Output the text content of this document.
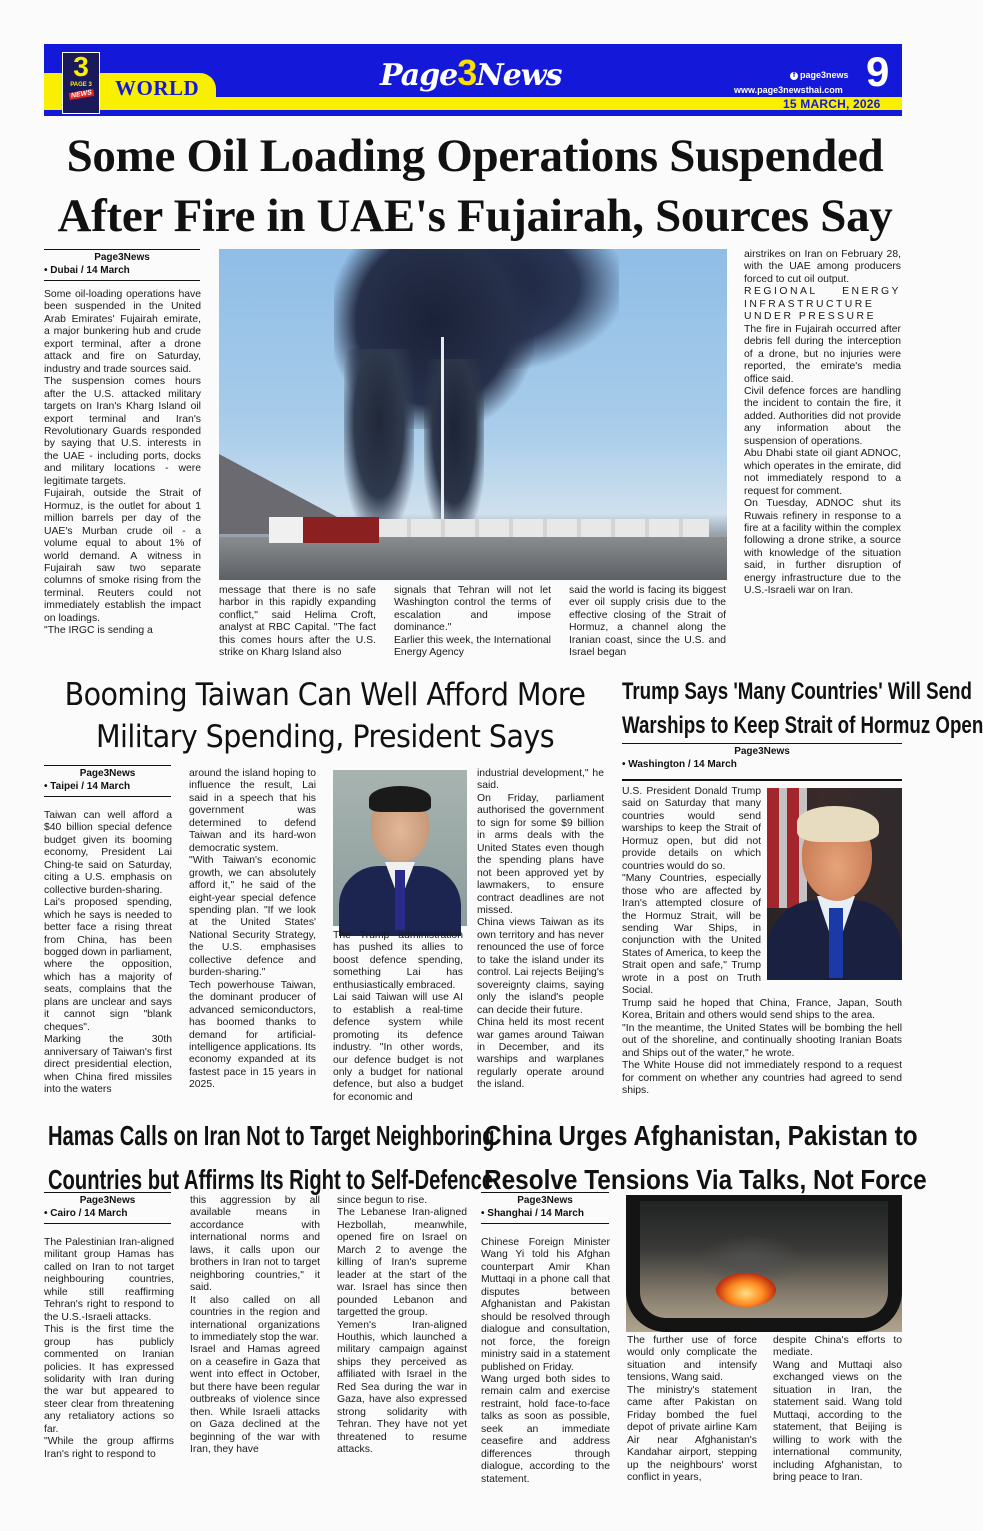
3
PAGE 3
NEWS WORLD	Page3News	f page3news
www.page3newsthai.com 9
15 MARCH, 2026
Some Oil Loading Operations Suspended
After Fire in UAE's Fujairah, Sources Say
Page3News
• Dubai / 14 March

Some oil-loading operations have been suspended in the United Arab Emirates' Fujairah emirate, a major bunkering hub and crude export terminal, after a drone attack and fire on Saturday, industry and trade sources said.

The suspension comes hours after the U.S. attacked military targets on Iran's Kharg Island oil export terminal and Iran's Revolutionary Guards responded by saying that U.S. interests in the UAE - including ports, docks and military locations - were legitimate targets.

Fujairah, outside the Strait of Hormuz, is the outlet for about 1 million barrels per day of the UAE's Murban crude oil - a volume equal to about 1% of world demand. A witness in Fujairah saw two separate columns of smoke rising from the terminal. Reuters could not immediately establish the impact on loadings.

"The IRGC is sending a

message that there is no safe harbor in this rapidly expanding conflict," said Helima Croft, analyst at RBC Capital. "The fact this comes hours after the U.S. strike on Kharg Island also

signals that Tehran will not let Washington control the terms of escalation and impose dominance."

Earlier this week, the International Energy Agency

said the world is facing its biggest ever oil supply crisis due to the effective closing of the Strait of Hormuz, a channel along the Iranian coast, since the U.S. and Israel began

airstrikes on Iran on February 28, with the UAE among producers forced to cut oil output.

REGIONAL ENERGY INFRASTRUCTURE UNDER PRESSURE

The fire in Fujairah occurred after debris fell during the interception of a drone, but no injuries were reported, the emirate's media office said.

Civil defence forces are handling the incident to contain the fire, it added. Authorities did not provide any information about the suspension of operations.

Abu Dhabi state oil giant ADNOC, which operates in the emirate, did not immediately respond to a request for comment.

On Tuesday, ADNOC shut its Ruwais refinery in response to a fire at a facility within the complex following a drone strike, a source with knowledge of the situation said, in further disruption of energy infrastructure due to the U.S.-Israeli war on Iran.

Booming Taiwan Can Well Afford More
Military Spending, President Says
Page3News
• Taipei / 14 March

Taiwan can well afford a $40 billion special defence budget given its booming economy, President Lai Ching-te said on Saturday, citing a U.S. emphasis on collective burden-sharing.

Lai's proposed spending, which he says is needed to better face a rising threat from China, has been bogged down in parliament, where the opposition, which has a majority of seats, complains that the plans are unclear and says it cannot sign "blank cheques".

Marking the 30th anniversary of Taiwan's first direct presidential election, when China fired missiles into the waters

around the island hoping to influence the result, Lai said in a speech that his government was determined to defend Taiwan and its hard-won democratic system.

"With Taiwan's economic growth, we can absolutely afford it," he said of the eight-year special defence spending plan. "If we look at the United States' National Security Strategy, the U.S. emphasises collective defence and burden-sharing."

Tech powerhouse Taiwan, the dominant producer of advanced semiconductors, has boomed thanks to demand for artificial-intelligence applications. Its economy expanded at its fastest pace in 15 years in 2025.

The Trump administration has pushed its allies to boost defence spending, something Lai has enthusiastically embraced.

Lai said Taiwan will use AI to establish a real-time defence system while promoting its defence industry. "In other words, our defence budget is not only a budget for national defence, but also a budget for economic and

industrial development," he said.

On Friday, parliament authorised the government to sign for some $9 billion in arms deals with the United States even though the spending plans have not been approved yet by lawmakers, to ensure contract deadlines are not missed.

China views Taiwan as its own territory and has never renounced the use of force to take the island under its control. Lai rejects Beijing's sovereignty claims, saying only the island's people can decide their future.

China held its most recent war games around Taiwan in December, and its warships and warplanes regularly operate around the island.

Trump Says 'Many Countries' Will Send
Warships to Keep Strait of Hormuz Open
Page3News
• Washington / 14 March

U.S. President Donald Trump said on Saturday that many countries would send warships to keep the Strait of Hormuz open, but did not provide details on which countries would do so.

"Many Countries, especially those who are affected by Iran's attempted closure of the Hormuz Strait, will be sending War Ships, in conjunction with the United States of America, to keep the Strait open and safe," Trump wrote in a post on Truth Social.

Trump said he hoped that China, France, Japan, South Korea, Britain and others would send ships to the area.

"In the meantime, the United States will be bombing the hell out of the shoreline, and continually shooting Iranian Boats and Ships out of the water," he wrote.

The White House did not immediately respond to a request for comment on whether any countries had agreed to send ships.

Hamas Calls on Iran Not to Target Neighboring
Countries but Affirms Its Right to Self-Defence
Page3News
• Cairo / 14 March

The Palestinian Iran-aligned militant group Hamas has called on Iran to not target neighbouring countries, while still reaffirming Tehran's right to respond to the U.S.-Israeli attacks.

This is the first time the group has publicly commented on Iranian policies. It has expressed solidarity with Iran during the war but appeared to steer clear from threatening any retaliatory actions so far.

"While the group affirms Iran's right to respond to

this aggression by all available means in accordance with international norms and laws, it calls upon our brothers in Iran not to target neighboring countries," it said.

It also called on all countries in the region and international organizations to immediately stop the war.

Israel and Hamas agreed on a ceasefire in Gaza that went into effect in October, but there have been regular outbreaks of violence since then. While Israeli attacks on Gaza declined at the beginning of the war with Iran, they have

since begun to rise.

The Lebanese Iran-aligned Hezbollah, meanwhile, opened fire on Israel on March 2 to avenge the killing of Iran's supreme leader at the start of the war. Israel has since then pounded Lebanon and targetted the group.

Yemen's Iran-aligned Houthis, which launched a military campaign against ships they perceived as affiliated with Israel in the Red Sea during the war in Gaza, have also expressed strong solidarity with Tehran. They have not yet threatened to resume attacks.

China Urges Afghanistan, Pakistan to
Resolve Tensions Via Talks, Not Force
Page3News
• Shanghai / 14 March

Chinese Foreign Minister Wang Yi told his Afghan counterpart Amir Khan Muttaqi in a phone call that disputes between Afghanistan and Pakistan should be resolved through dialogue and consultation, not force, the foreign ministry said in a statement published on Friday.

Wang urged both sides to remain calm and exercise restraint, hold face-to-face talks as soon as possible, seek an immediate ceasefire and address differences through dialogue, according to the statement.

The further use of force would only complicate the situation and intensify tensions, Wang said.

The ministry's statement came after Pakistan on Friday bombed the fuel depot of private airline Kam Air near Afghanistan's Kandahar airport, stepping up the neighbours' worst conflict in years,

despite China's efforts to mediate.

Wang and Muttaqi also exchanged views on the situation in Iran, the statement said. Wang told Muttaqi, according to the statement, that Beijing is willing to work with the international community, including Afghanistan, to bring peace to Iran.
